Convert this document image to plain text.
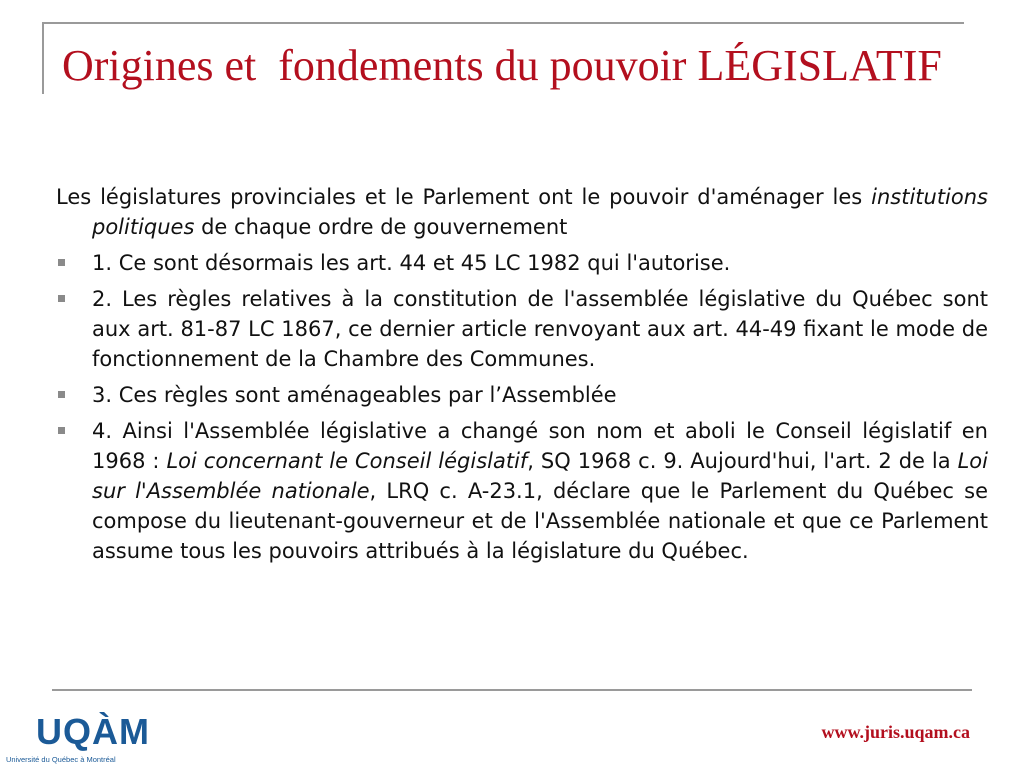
Origines et  fondements du pouvoir LÉGISLATIF

Les législatures provinciales et le Parlement ont le pouvoir d'aménager les institutions politiques de chaque ordre de gouvernement

1. Ce sont désormais les art. 44 et 45 LC 1982 qui l'autorise.
2. Les règles relatives à la constitution de l'assemblée législative du Québec sont aux art. 81-87 LC 1867, ce dernier article renvoyant aux art. 44-49 fixant le mode de fonctionnement de la Chambre des Communes.
3. Ces règles sont aménageables par l’Assemblée
4. Ainsi l'Assemblée législative a changé son nom et aboli le Conseil législatif en 1968 : Loi concernant le Conseil législatif, SQ 1968 c. 9. Aujourd'hui, l'art. 2 de la Loi sur l'Assemblée nationale, LRQ c. A-23.1, déclare que le Parlement du Québec se compose du lieutenant-gouverneur et de l'Assemblée nationale et que ce Parlement assume tous les pouvoirs attribués à la législature du Québec.
UQÀM
Université du Québec à Montréal
www.juris.uqam.ca
